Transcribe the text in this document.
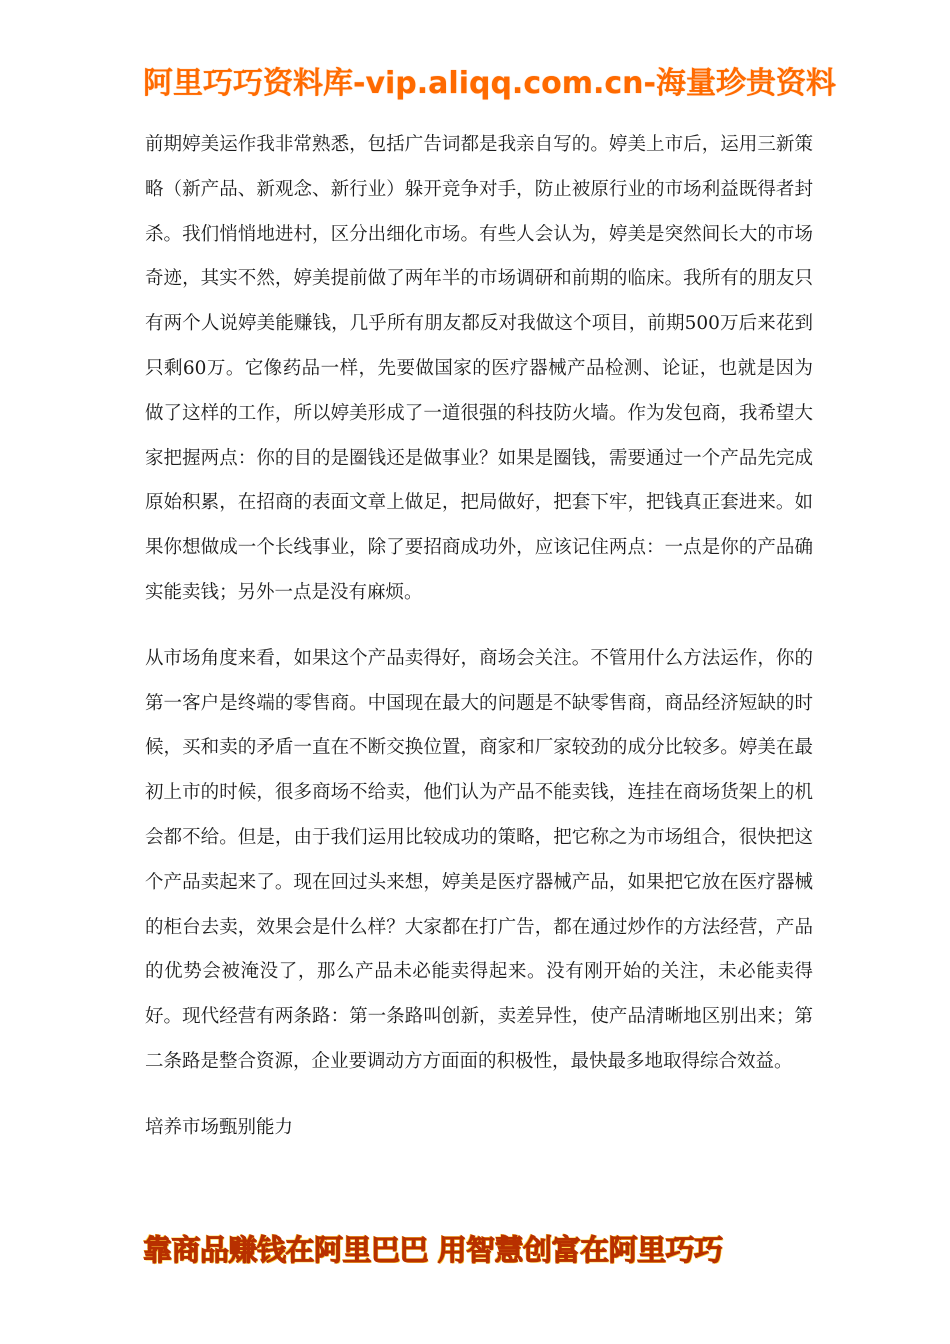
阿里巧巧资料库-vip.aliqq.com.cn-海量珍贵资料

前期婷美运作我非常熟悉，包括广告词都是我亲自写的。婷美上市后，运用三新策略（新产品、新观念、新行业）躲开竞争对手，防止被原行业的市场利益既得者封杀。我们悄悄地进村，区分出细化市场。有些人会认为，婷美是突然间长大的市场奇迹，其实不然，婷美提前做了两年半的市场调研和前期的临床。我所有的朋友只有两个人说婷美能赚钱，几乎所有朋友都反对我做这个项目，前期500万后来花到只剩60万。它像药品一样，先要做国家的医疗器械产品检测、论证，也就是因为做了这样的工作，所以婷美形成了一道很强的科技防火墙。作为发包商，我希望大家把握两点：你的目的是圈钱还是做事业？如果是圈钱，需要通过一个产品先完成原始积累，在招商的表面文章上做足，把局做好，把套下牢，把钱真正套进来。如果你想做成一个长线事业，除了要招商成功外，应该记住两点：一点是你的产品确实能卖钱；另外一点是没有麻烦。

从市场角度来看，如果这个产品卖得好，商场会关注。不管用什么方法运作，你的第一客户是终端的零售商。中国现在最大的问题是不缺零售商，商品经济短缺的时候，买和卖的矛盾一直在不断交换位置，商家和厂家较劲的成分比较多。婷美在最初上市的时候，很多商场不给卖，他们认为产品不能卖钱，连挂在商场货架上的机会都不给。但是，由于我们运用比较成功的策略，把它称之为市场组合，很快把这个产品卖起来了。现在回过头来想，婷美是医疗器械产品，如果把它放在医疗器械的柜台去卖，效果会是什么样？大家都在打广告，都在通过炒作的方法经营，产品的优势会被淹没了，那么产品未必能卖得起来。没有刚开始的关注，未必能卖得好。现代经营有两条路：第一条路叫创新，卖差异性，使产品清晰地区别出来；第二条路是整合资源，企业要调动方方面面的积极性，最快最多地取得综合效益。

培养市场甄别能力
靠商品赚钱在阿里巴巴 用智慧创富在阿里巧巧
